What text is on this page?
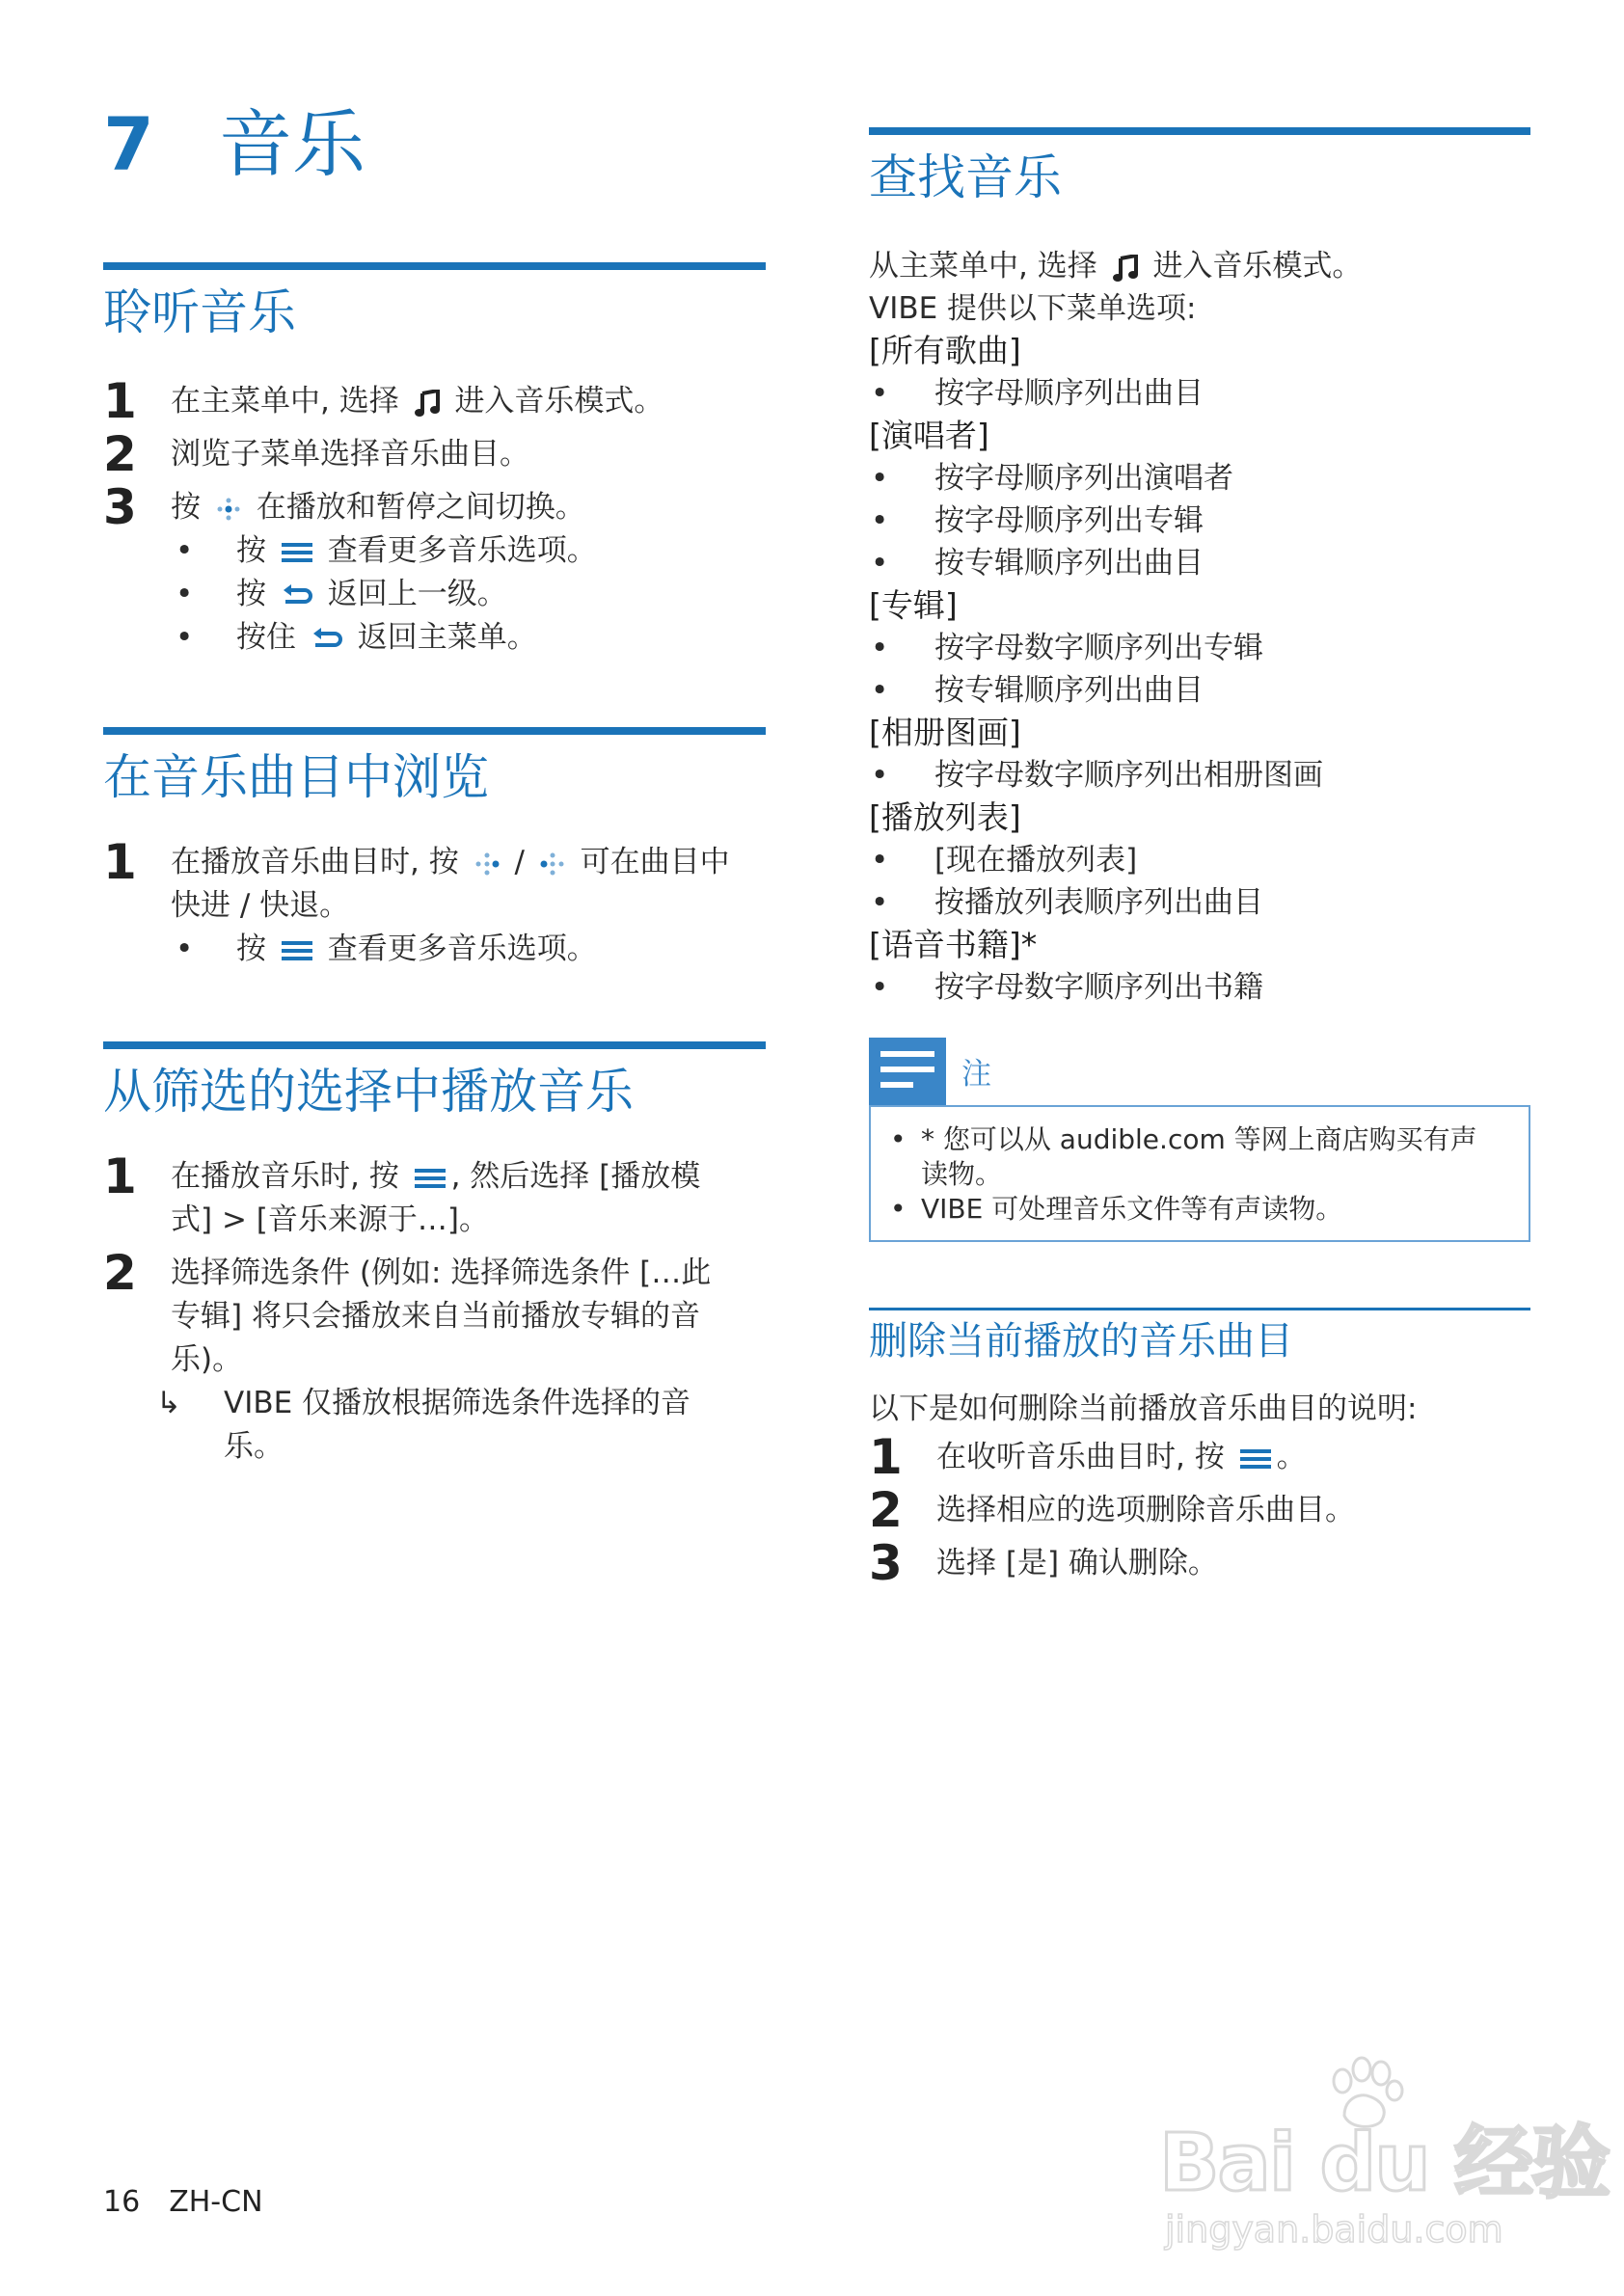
7 音乐
聆听音乐
1 在主菜单中, 选择 进入音乐模式。
2 浏览子菜单选择音乐曲目。
3 按 在播放和暂停之间切换。
• 按 查看更多音乐选项。
• 按 返回上一级。
• 按住 返回主菜单。
在音乐曲目中浏览
1 在播放音乐曲目时, 按 / 可在曲目中
快进 / 快退。
• 按 查看更多音乐选项。
从筛选的选择中播放音乐
1 在播放音乐时, 按 , 然后选择 [播放模
式] > [音乐来源于…]。
2 选择筛选条件 (例如: 选择筛选条件 […此
专辑] 将只会播放来自当前播放专辑的音
乐)。
↳ VIBE 仅播放根据筛选条件选择的音
乐。
查找音乐
从主菜单中, 选择 进入音乐模式。
VIBE 提供以下菜单选项:
[所有歌曲]
• 按字母顺序列出曲目
[演唱者]
• 按字母顺序列出演唱者
• 按字母顺序列出专辑
• 按专辑顺序列出曲目
[专辑]
• 按字母数字顺序列出专辑
• 按专辑顺序列出曲目
[相册图画]
• 按字母数字顺序列出相册图画
[播放列表]
• [现在播放列表]
• 按播放列表顺序列出曲目
[语音书籍]*
• 按字母数字顺序列出书籍
注
• * 您可以从 audible.com 等网上商店购买有声
读物。
• VIBE 可处理音乐文件等有声读物。
删除当前播放的音乐曲目
以下是如何删除当前播放音乐曲目的说明:
1 在收听音乐曲目时, 按 。
2 选择相应的选项删除音乐曲目。
3 选择 [是] 确认删除。
16 ZH-CN	Bai du 经验
jingyan.baidu.com
